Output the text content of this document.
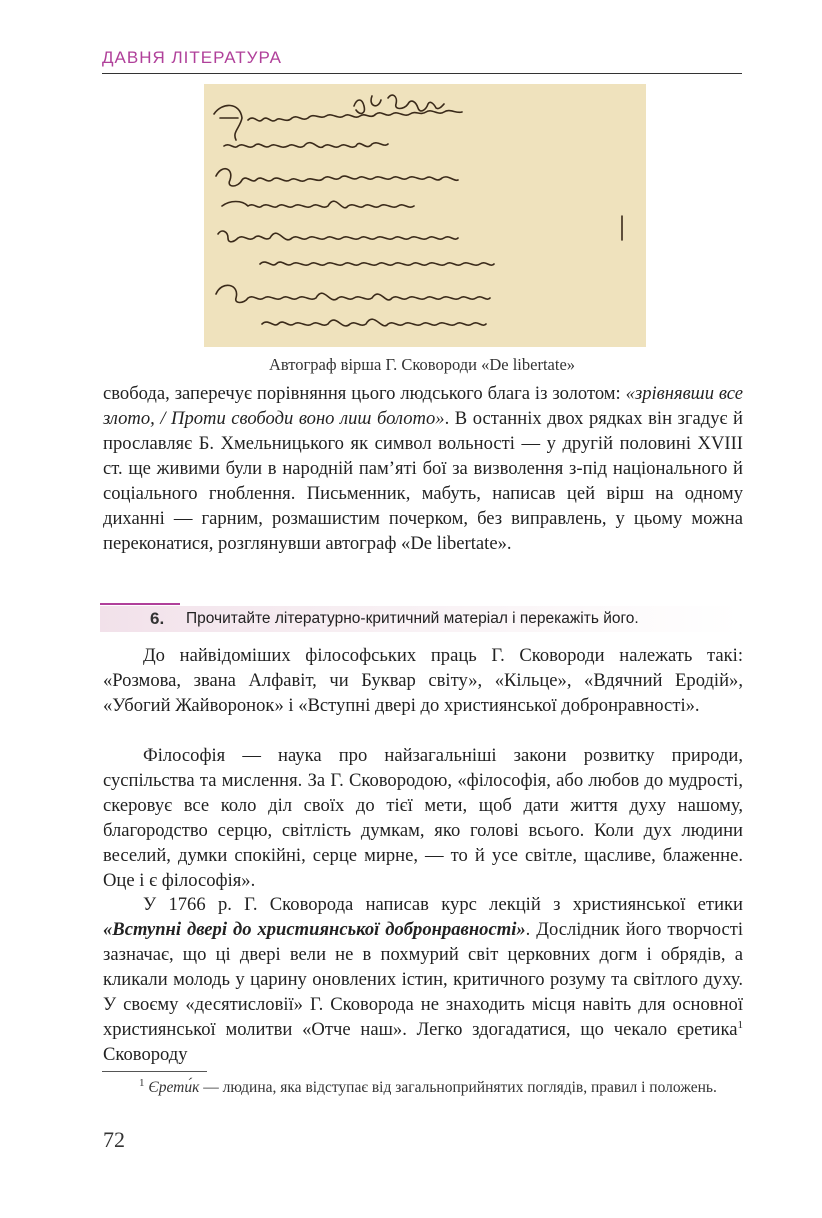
ДАВНЯ ЛІТЕРАТУРА
Автограф вірша Г. Сковороди «De libertate»

свобода, заперечує порівняння цього людського блага із золотом: «зрівнявши все злото, / Проти свободи воно лиш болото». В останніх двох рядках він згадує й прославляє Б. Хмельницького як символ вольності — у другій половині XVIII ст. ще живими були в народній пам’яті бої за визволення з-під національного й соціального гноблення. Письменник, мабуть, написав цей вірш на одному диханні — гарним, розмашистим почерком, без виправлень, у цьому можна переконатися, розглянувши автограф «De libertate».

6. Прочитайте літературно-критичний матеріал і перекажіть його.

До найвідоміших філософських праць Г. Сковороди належать такі: «Розмова, звана Алфавіт, чи Буквар світу», «Кільце», «Вдячний Еродій», «Убогий Жайворонок» і «Вступні двері до християнської добронравності».

Філософія — наука про найзагальніші закони розвитку природи, суспільства та мислення. За Г. Сковородою, «філософія, або любов до мудрості, скеровує все коло діл своїх до тієї мети, щоб дати життя духу нашому, благородство серцю, світлість думкам, яко голові всього. Коли дух людини веселий, думки спокійні, серце мирне, — то й усе світле, щасливе, блаженне. Оце і є філософія».

У 1766 р. Г. Сковорода написав курс лекцій з християнської етики «Вступні двері до християнської добронравності». Дослідник його творчості зазначає, що ці двері вели не в похмурий світ церковних догм і обрядів, а кликали молодь у царину оновлених істин, критичного розуму та світлого духу. У своєму «десятисловії» Г. Сковорода не знаходить місця навіть для основної християнської молитви «Отче наш». Легко здогадатися, що чекало єретика$^1$ Сковороду

$^1$ Єрети́к — людина, яка відступає від загальноприйнятих поглядів, правил і положень.

72
